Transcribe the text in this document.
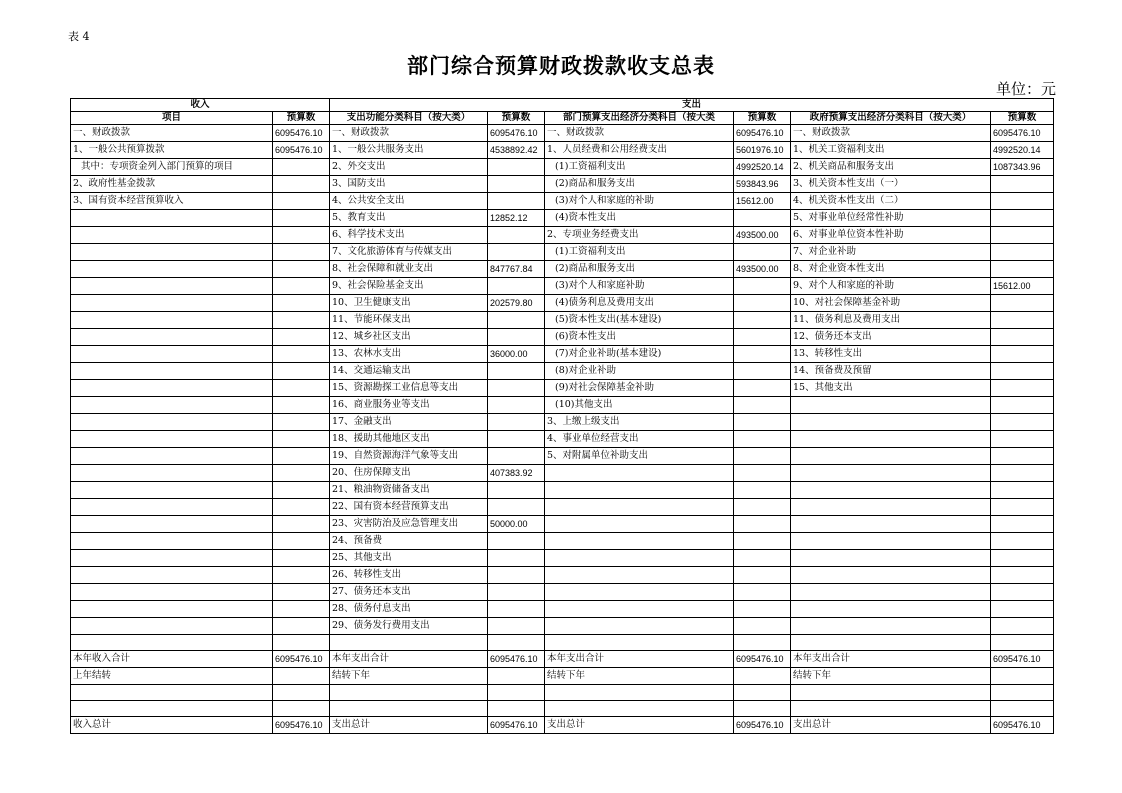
表 4
部门综合预算财政拨款收支总表
单位：元
收入		支出					
项目	预算数	支出功能分类科目（按大类）	预算数	部门预算支出经济分类科目（按大类	预算数	政府预算支出经济分类科目（按大类）	预算数
一、财政拨款	6095476.10	一、财政拨款	6095476.10	一、财政拨款	6095476.10	一、财政拨款	6095476.10
1、一般公共预算拨款	6095476.10	1、一般公共服务支出	4538892.42	1、人员经费和公用经费支出	5601976.10	1、机关工资福利支出	4992520.14
其中：专项资金列入部门预算的项目		2、外交支出		(1)工资福利支出	4992520.14	2、机关商品和服务支出	1087343.96
2、政府性基金拨款		3、国防支出		(2)商品和服务支出	593843.96	3、机关资本性支出（一）	
3、国有资本经营预算收入		4、公共安全支出		(3)对个人和家庭的补助	15612.00	4、机关资本性支出（二）	
		5、教育支出	12852.12	(4)资本性支出		5、对事业单位经常性补助	
		6、科学技术支出		2、专项业务经费支出	493500.00	6、对事业单位资本性补助	
		7、文化旅游体育与传媒支出		(1)工资福利支出		7、对企业补助	
		8、社会保障和就业支出	847767.84	(2)商品和服务支出	493500.00	8、对企业资本性支出	
		9、社会保险基金支出		(3)对个人和家庭补助		9、对个人和家庭的补助	15612.00
		10、卫生健康支出	202579.80	(4)债务利息及费用支出		10、对社会保障基金补助	
		11、节能环保支出		(5)资本性支出(基本建设)		11、债务利息及费用支出	
		12、城乡社区支出		(6)资本性支出		12、债务还本支出	
		13、农林水支出	36000.00	(7)对企业补助(基本建设)		13、转移性支出	
		14、交通运输支出		(8)对企业补助		14、预备费及预留	
		15、资源勘探工业信息等支出		(9)对社会保障基金补助		15、其他支出	
		16、商业服务业等支出		(10)其他支出			
		17、金融支出		3、上缴上级支出			
		18、援助其他地区支出		4、事业单位经营支出			
		19、自然资源海洋气象等支出		5、对附属单位补助支出			
		20、住房保障支出	407383.92				
		21、粮油物资储备支出					
		22、国有资本经营预算支出					
		23、灾害防治及应急管理支出	50000.00				
		24、预备费					
		25、其他支出					
		26、转移性支出					
		27、债务还本支出					
		28、债务付息支出					
		29、债务发行费用支出					

本年收入合计	6095476.10	本年支出合计	6095476.10	本年支出合计	6095476.10	本年支出合计	6095476.10
上年结转		结转下年		结转下年		结转下年	

收入总计	6095476.10	支出总计	6095476.10	支出总计	6095476.10	支出总计	6095476.10
